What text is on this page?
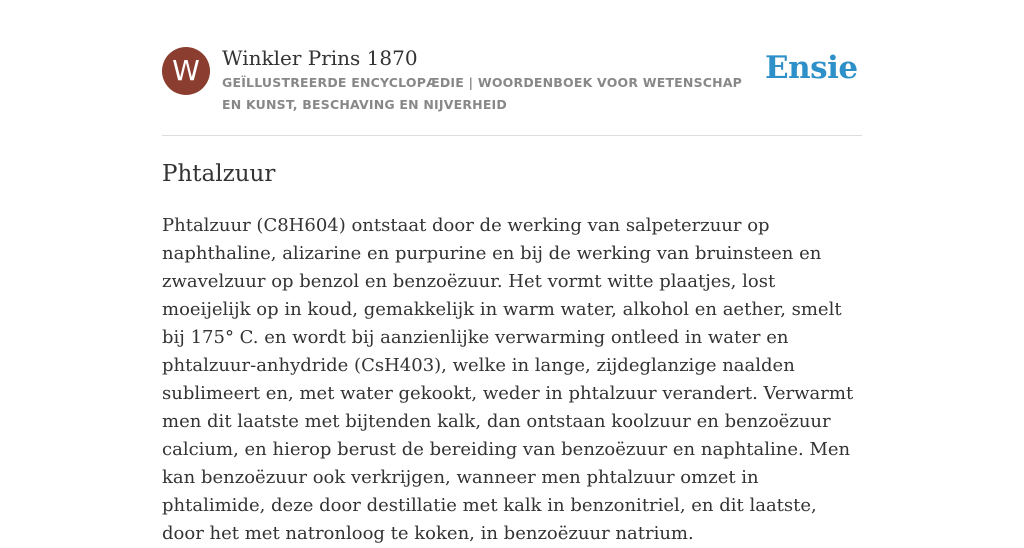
W	Winkler Prins 1870
GEÏLLUSTREERDE ENCYCLOPÆDIE | WOORDENBOEK VOOR WETENSCHAP EN KUNST, BESCHAVING EN NIJVERHEID
Ensie
Phtalzuur

Phtalzuur (C8H604) ontstaat door de werking van salpeterzuur op naphthaline, alizarine en purpurine en bij de werking van bruinsteen en zwavelzuur op benzol en benzoëzuur. Het vormt witte plaatjes, lost moeijelijk op in koud, gemakkelijk in warm water, alkohol en aether, smelt bij 175° C. en wordt bij aanzienlijke verwarming ontleed in water en phtalzuur-anhydride (CsH403), welke in lange, zijdeglanzige naalden sublimeert en, met water gekookt, weder in phtalzuur verandert. Verwarmt men dit laatste met bijtenden kalk, dan ontstaan koolzuur en benzoëzuur calcium, en hierop berust de bereiding van benzoëzuur en naphtaline. Men kan benzoëzuur ook verkrijgen, wanneer men phtalzuur omzet in phtalimide, deze door destillatie met kalk in benzonitriel, en dit laatste, door het met natronloog te koken, in benzoëzuur natrium.
